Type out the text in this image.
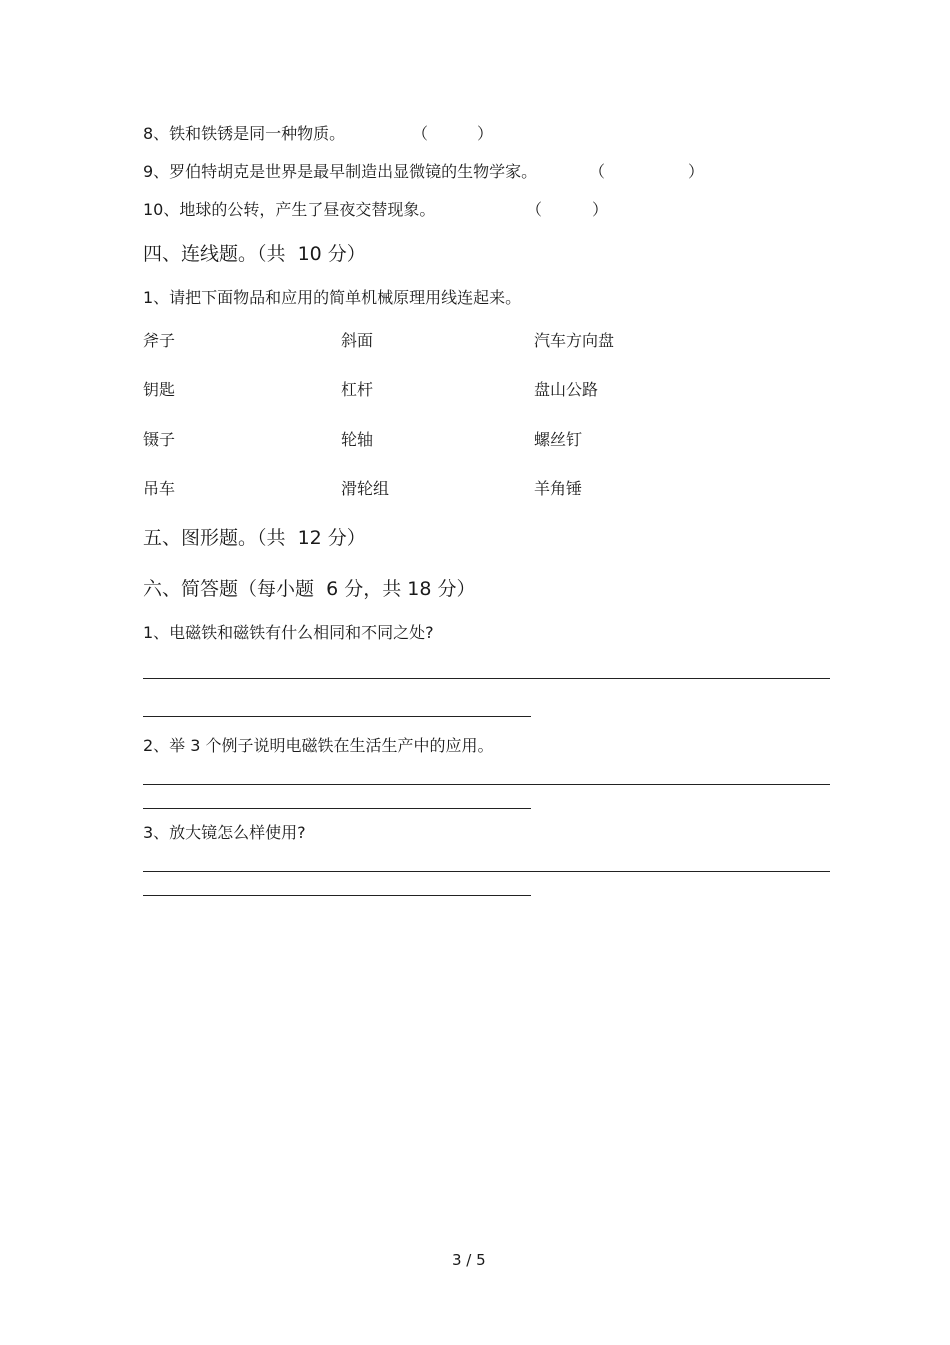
8、铁和铁锈是同一种物质。	（	）
9、罗伯特胡克是世界是最早制造出显微镜的生物学家。	（	）
10、地球的公转，产生了昼夜交替现象。	（	）
四、连线题。（共  10 分）
1、请把下面物品和应用的简单机械原理用线连起来。
斧子	斜面	汽车方向盘
钥匙	杠杆	盘山公路
镊子	轮轴	螺丝钉
吊车	滑轮组	羊角锤
五、图形题。（共  12 分）
六、简答题（每小题  6 分，共 18 分）
1、电磁铁和磁铁有什么相同和不同之处?
2、举 3 个例子说明电磁铁在生活生产中的应用。
3、放大镜怎么样使用?
3 / 5
